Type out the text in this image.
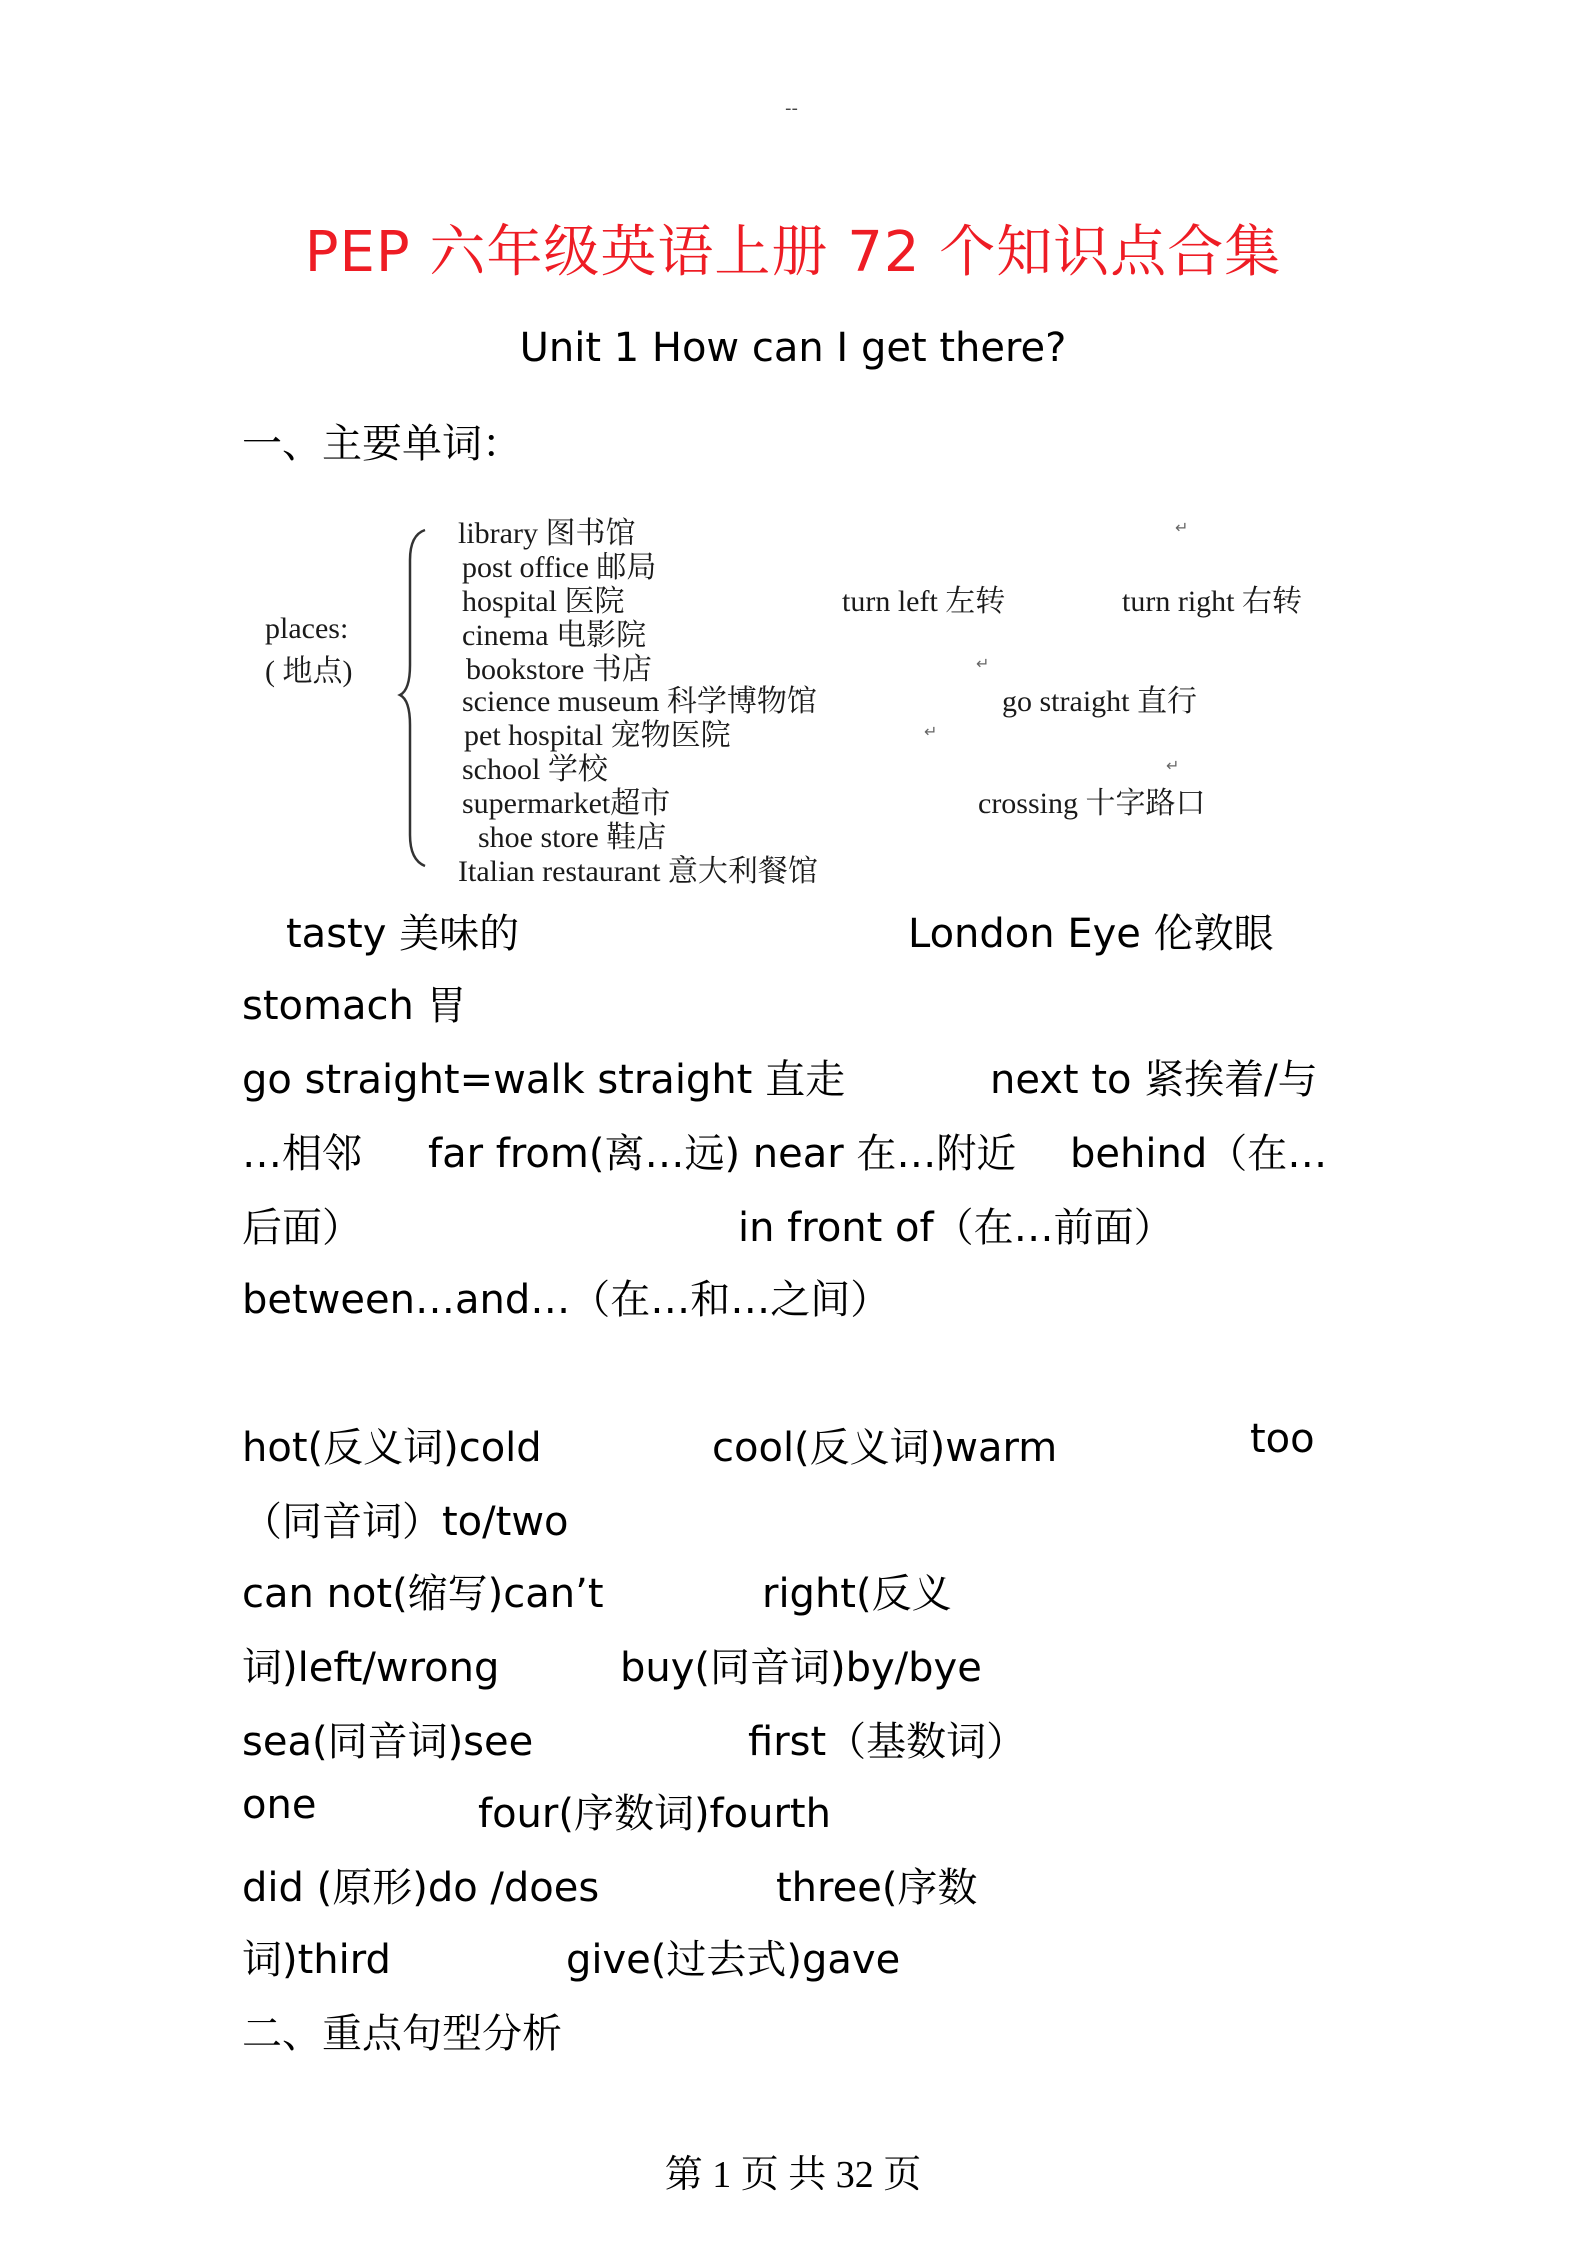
--
PEP 六年级英语上册 72 个知识点合集
Unit 1 How can I get there?
一、主要单词：
places:
( 地点)
library 图书馆
post office 邮局
hospital 医院
cinema 电影院
bookstore 书店
science museum 科学博物馆
pet hospital 宠物医院
school 学校
supermarket超市
shoe store 鞋店
Italian restaurant 意大利餐馆
turn left 左转	turn right 右转
go straight 直行
crossing 十字路口
↵
↵
↵
↵
tasty 美味的	London Eye 伦敦眼
stomach 胃
go straight=walk straight 直走	next to 紧挨着/与
…相邻 far from(离…远) near 在…附近 behind（在…
后面）	in front of（在…前面）
between…and…（在…和…之间）
hot(反义词)cold	cool(反义词)warm	too
（同音词）to/two
can not(缩写)can’t	right(反义
词)left/wrong	buy(同音词)by/bye
sea(同音词)see	first（基数词）
one	four(序数词)fourth
did (原形)do /does	three(序数
词)third	give(过去式)gave
二、重点句型分析
第 1 页 共 32 页
